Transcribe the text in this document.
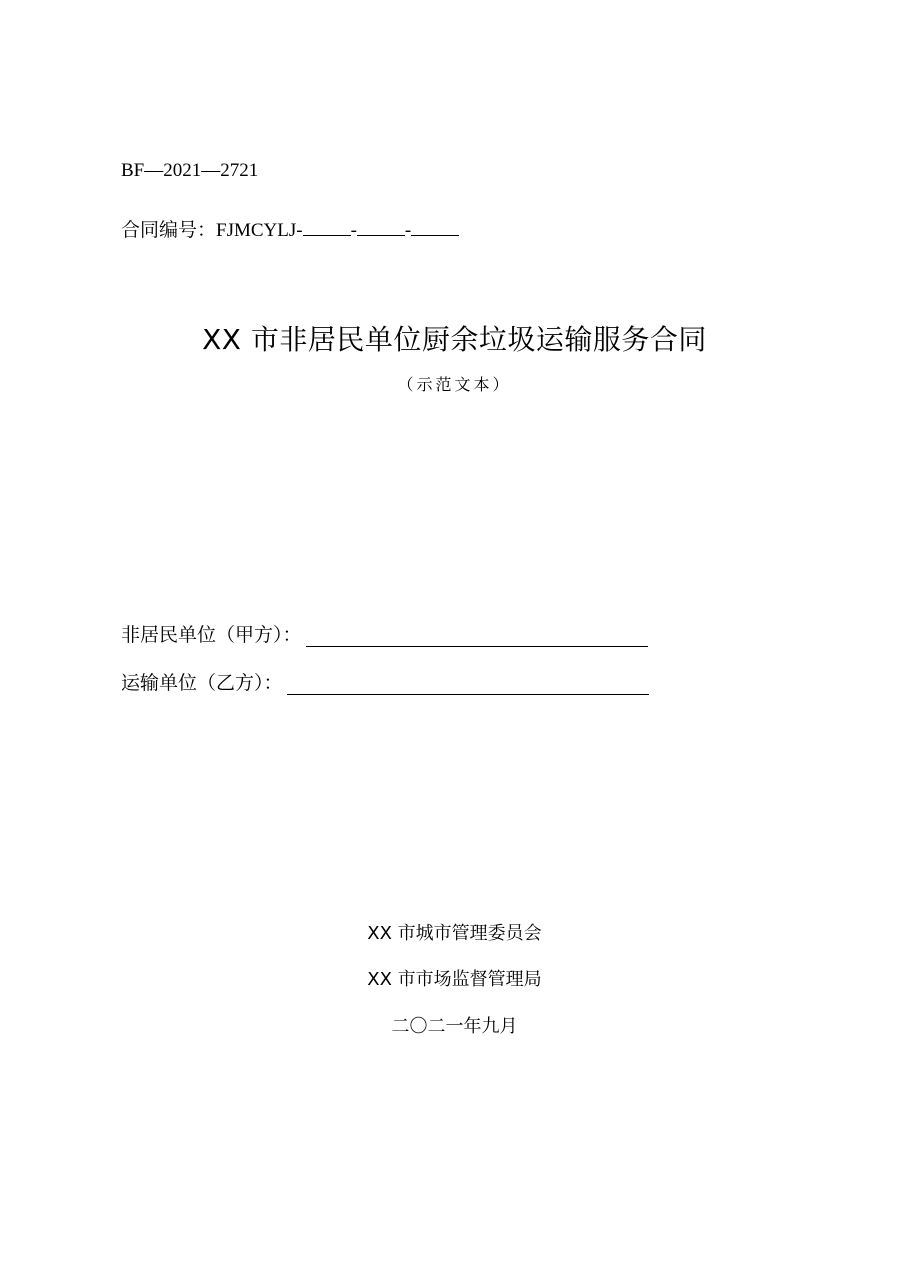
BF—2021—2721
合同编号： FJMCYLJ-	-	-
XX 市非居民单位厨余垃圾运输服务合同
（示范文本）
非居民单位（甲方）：
运输单位（乙方）：
XX 市城市管理委员会
XX 市市场监督管理局
二〇二一年九月
